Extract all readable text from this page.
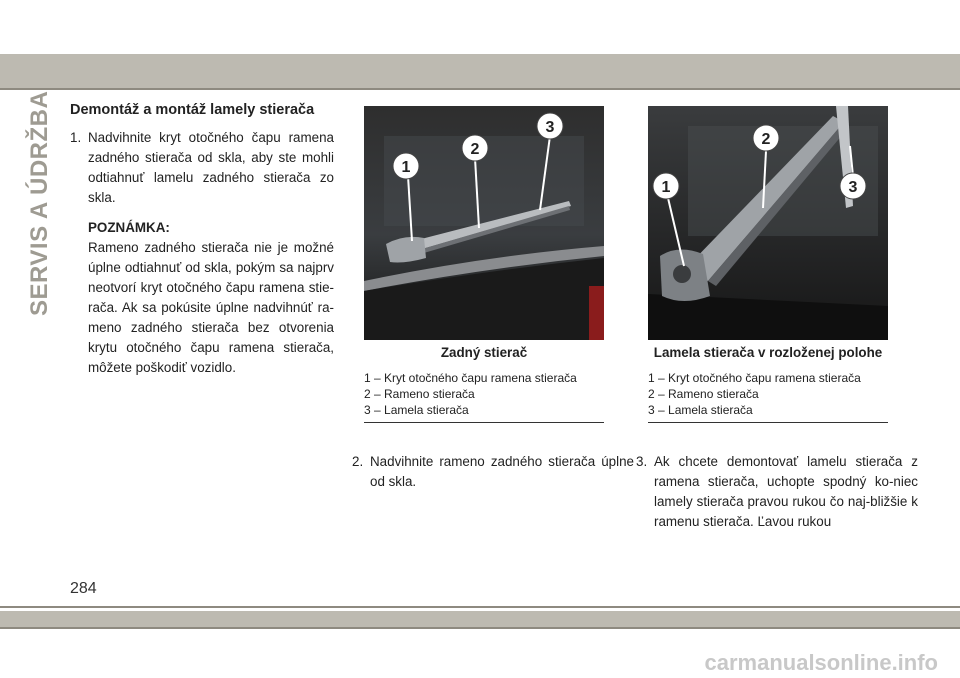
SERVIS A ÚDRŽBA Demontáž a montáž lamely stierača
1. Nadvihnite kryt otočného čapu ramena zadného stierača od skla, aby ste mohli odtiahnuť lamelu zadného stierača zo skla.
POZNÁMKA:
Rameno zadného stierača nie je možné úplne odtiahnuť od skla, pokým sa najprv neotvorí kryt otočného čapu ramena stie-rača. Ak sa pokúsite úplne nadvihnúť ra-meno zadného stierača bez otvorenia krytu otočného čapu ramena stierača, môžete poškodiť vozidlo.
1
2
3
1
2
3
Zadný stierač	Lamela stierača v rozloženej polohe
1 – Kryt otočného čapu ramena stierača
2 – Rameno stierača
3 – Lamela stierača
1 – Kryt otočného čapu ramena stierača
2 – Rameno stierača
3 – Lamela stierača
2. Nadvihnite rameno zadného stierača úplne od skla.
3. Ak chcete demontovať lamelu stierača z ramena stierača, uchopte spodný ko-niec lamely stierača pravou rukou čo naj-bližšie k ramenu stierača. Ľavou rukou
284
carmanualsonline.info
